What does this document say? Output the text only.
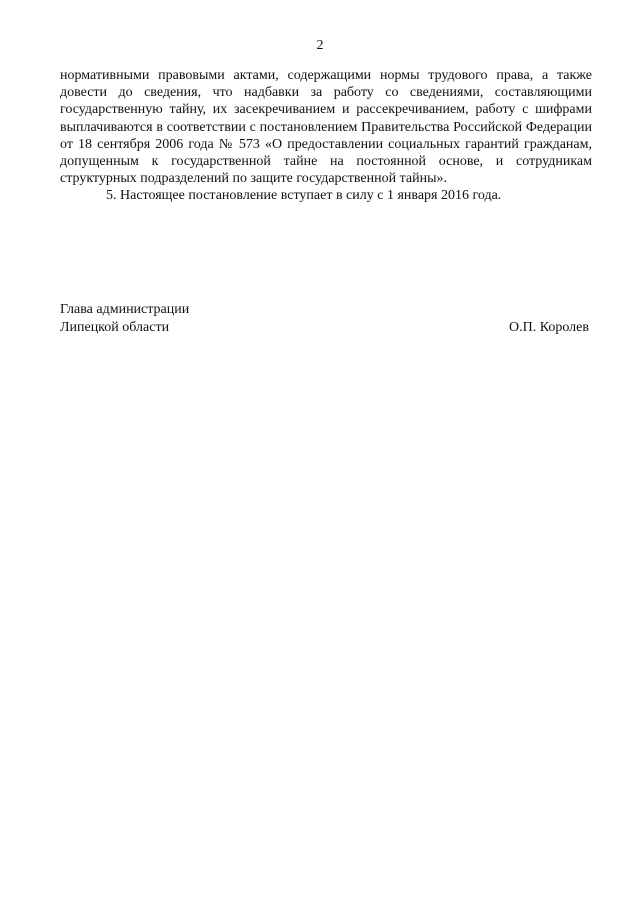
2

нормативными правовыми актами, содержащими нормы трудового права, а также довести до сведения, что надбавки за работу со сведениями, составляющими государственную тайну, их засекречиванием и рассекречиванием, работу с шифрами выплачиваются в соответствии с постановлением Правительства Российской Федерации от 18 сентября 2006 года № 573 «О предоставлении социальных гарантий гражданам, допущенным к государственной тайне на постоянной основе, и сотрудникам структурных подразделений по защите государственной тайны».

5. Настоящее постановление вступает в силу с 1 января 2016 года.

Глава администрации
Липецкой области	О.П. Королев
